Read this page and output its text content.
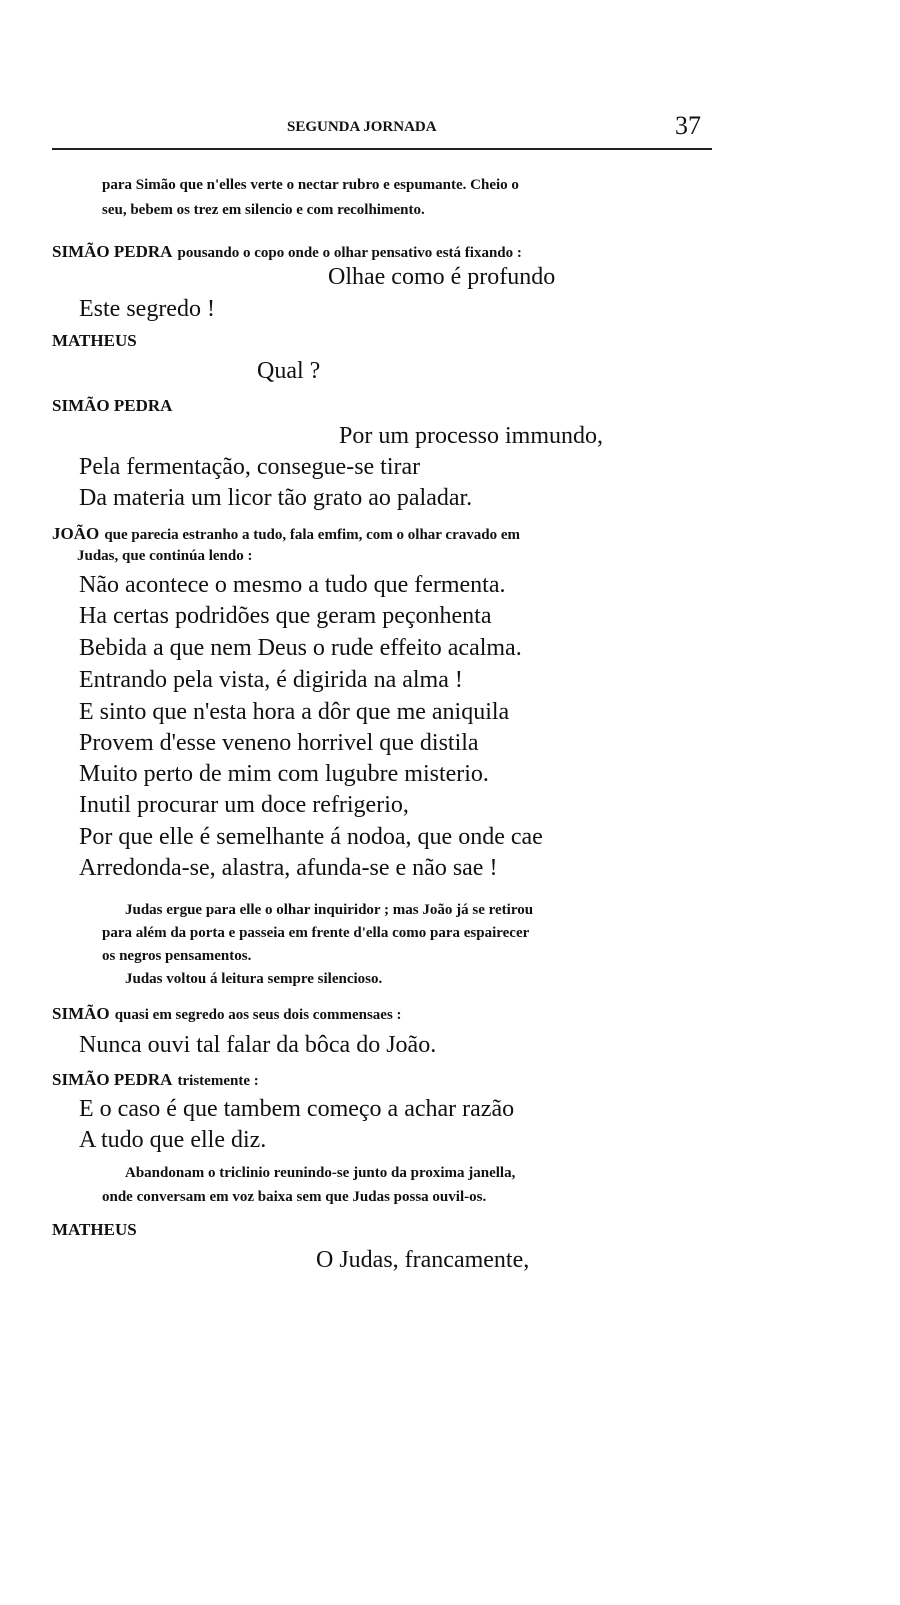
SEGUNDA JORNADA	37
para Simão que n'elles verte o nectar rubro e espumante. Cheio o
seu, bebem os trez em silencio e com recolhimento.
SIMÃO PEDRA pousando o copo onde o olhar pensativo está fixando :
Olhae como é profundo
Este segredo !
MATHEUS
Qual ?
SIMÃO PEDRA
Por um processo immundo,
Pela fermentação, consegue-se tirar
Da materia um licor tão grato ao paladar.
JOÃO que parecia estranho a tudo, fala emfim, com o olhar cravado em
Judas, que continúa lendo :
Não acontece o mesmo a tudo que fermenta.
Ha certas podridões que geram peçonhenta
Bebida a que nem Deus o rude effeito acalma.
Entrando pela vista, é digirida na alma !
E sinto que n'esta hora a dôr que me aniquila
Provem d'esse veneno horrivel que distila
Muito perto de mim com lugubre misterio.
Inutil procurar um doce refrigerio,
Por que elle é semelhante á nodoa, que onde cae
Arredonda-se, alastra, afunda-se e não sae !
Judas ergue para elle o olhar inquiridor ; mas João já se retirou
para além da porta e passeia em frente d'ella como para espairecer
os negros pensamentos.
Judas voltou á leitura sempre silencioso.
SIMÃO quasi em segredo aos seus dois commensaes :
Nunca ouvi tal falar da bôca do João.
SIMÃO PEDRA tristemente :
E o caso é que tambem começo a achar razão
A tudo que elle diz.
Abandonam o triclinio reunindo-se junto da proxima janella,
onde conversam em voz baixa sem que Judas possa ouvil-os.
MATHEUS
O Judas, francamente,
